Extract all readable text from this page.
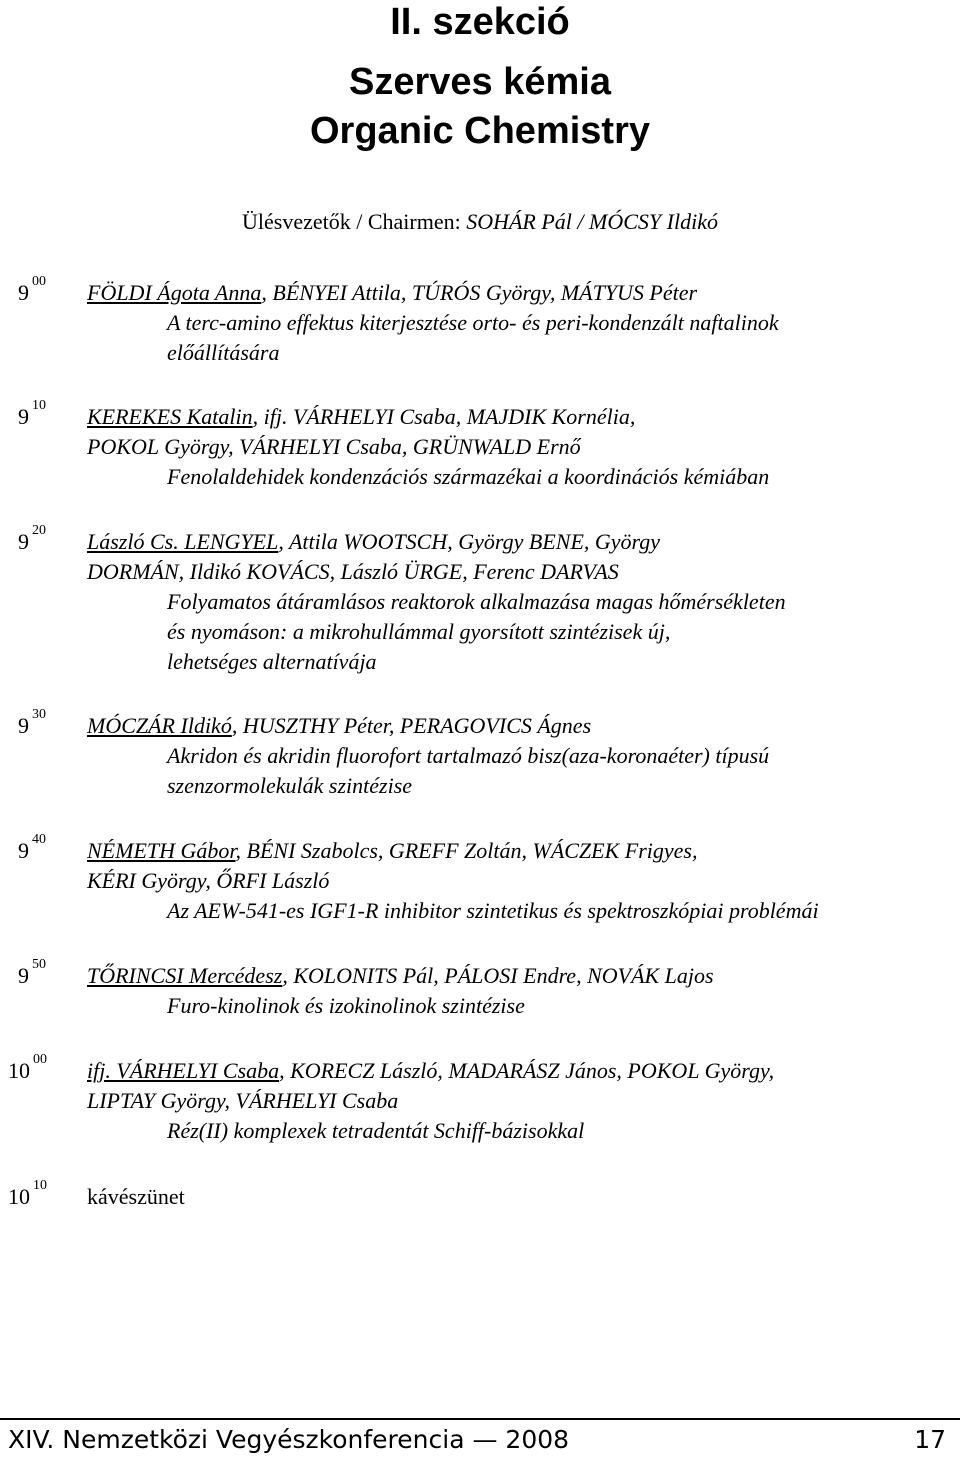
II. szekció
Szerves kémia
Organic Chemistry
Ülésvezetők / Chairmen: SOHÁR Pál / MÓCSY Ildikó
9 $^{00}$ FÖLDI Ágota Anna, BÉNYEI Attila, TÚRÓS György, MÁTYUS Péter
A terc-amino effektus kiterjesztése orto- és peri-kondenzált naftalinok
előállítására
9 $^{10}$ KEREKES Katalin, ifj. VÁRHELYI Csaba, MAJDIK Kornélia,
POKOL György, VÁRHELYI Csaba, GRÜNWALD Ernő
Fenolaldehidek kondenzációs származékai a koordinációs kémiában
9 $^{20}$ László Cs. LENGYEL, Attila WOOTSCH, György BENE, György
DORMÁN, Ildikó KOVÁCS, László ÜRGE, Ferenc DARVAS
Folyamatos átáramlásos reaktorok alkalmazása magas hőmérsékleten
és nyomáson: a mikrohullámmal gyorsított szintézisek új,
lehetséges alternatívája
9 $^{30}$ MÓCZÁR Ildikó, HUSZTHY Péter, PERAGOVICS Ágnes
Akridon és akridin fluorofort tartalmazó bisz(aza-koronaéter) típusú
szenzormolekulák szintézise
9 $^{40}$ NÉMETH Gábor, BÉNI Szabolcs, GREFF Zoltán, WÁCZEK Frigyes,
KÉRI György, ŐRFI László
Az AEW-541-es IGF1-R inhibitor szintetikus és spektroszkópiai problémái
9 $^{50}$ TŐRINCSI Mercédesz, KOLONITS Pál, PÁLOSI Endre, NOVÁK Lajos
Furo-kinolinok és izokinolinok szintézise
10 $^{00}$ ifj. VÁRHELYI Csaba, KORECZ László, MADARÁSZ János, POKOL György,
LIPTAY György, VÁRHELYI Csaba
Réz(II) komplexek tetradentát Schiff-bázisokkal
10 $^{10}$ kávészünet
XIV. Nemzetközi Vegyészkonferencia — 2008	17
